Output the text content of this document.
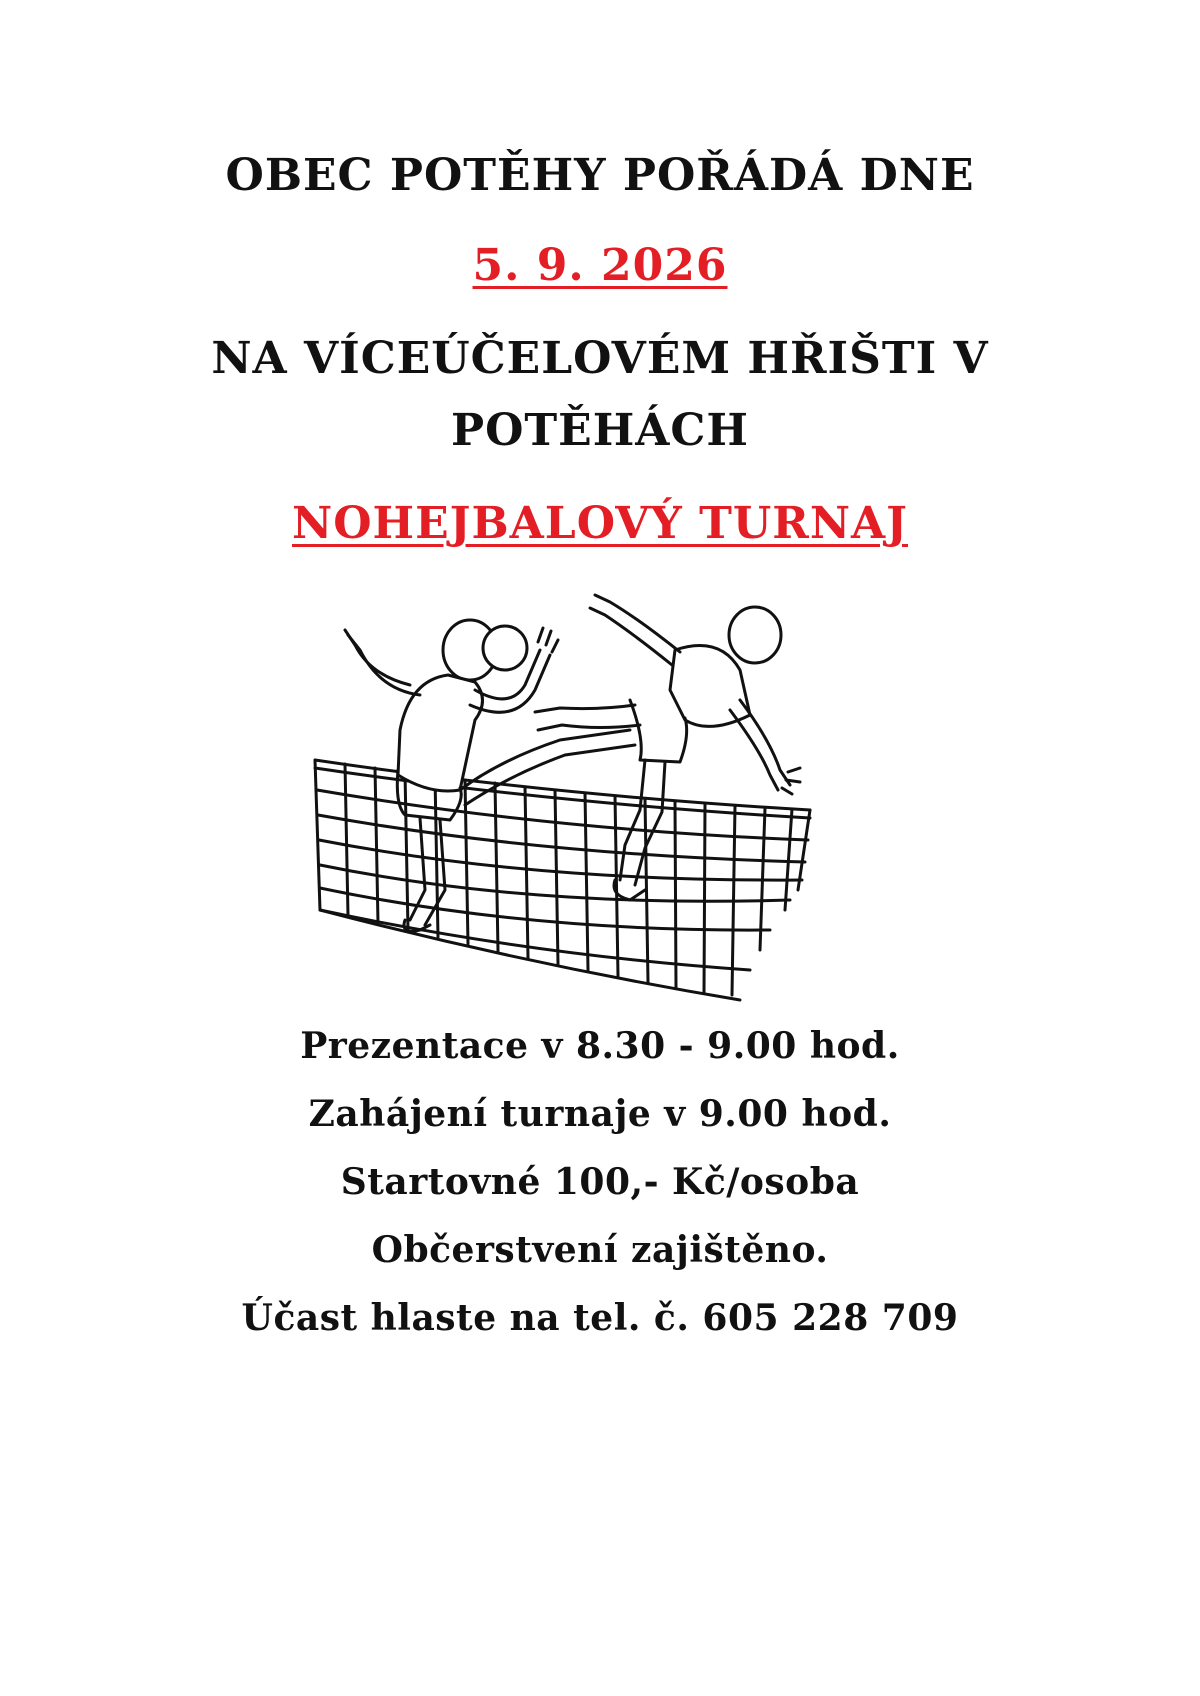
OBEC POTĚHY POŘÁDÁ DNE
5. 9. 2026
NA VÍCEÚČELOVÉM HŘIŠTI V
POTĚHÁCH
NOHEJBALOVÝ TURNAJ
Prezentace v 8.30 - 9.00 hod.
Zahájení turnaje v 9.00 hod.
Startovné 100,- Kč/osoba
Občerstvení zajištěno.
Účast hlaste na tel. č. 605 228 709
